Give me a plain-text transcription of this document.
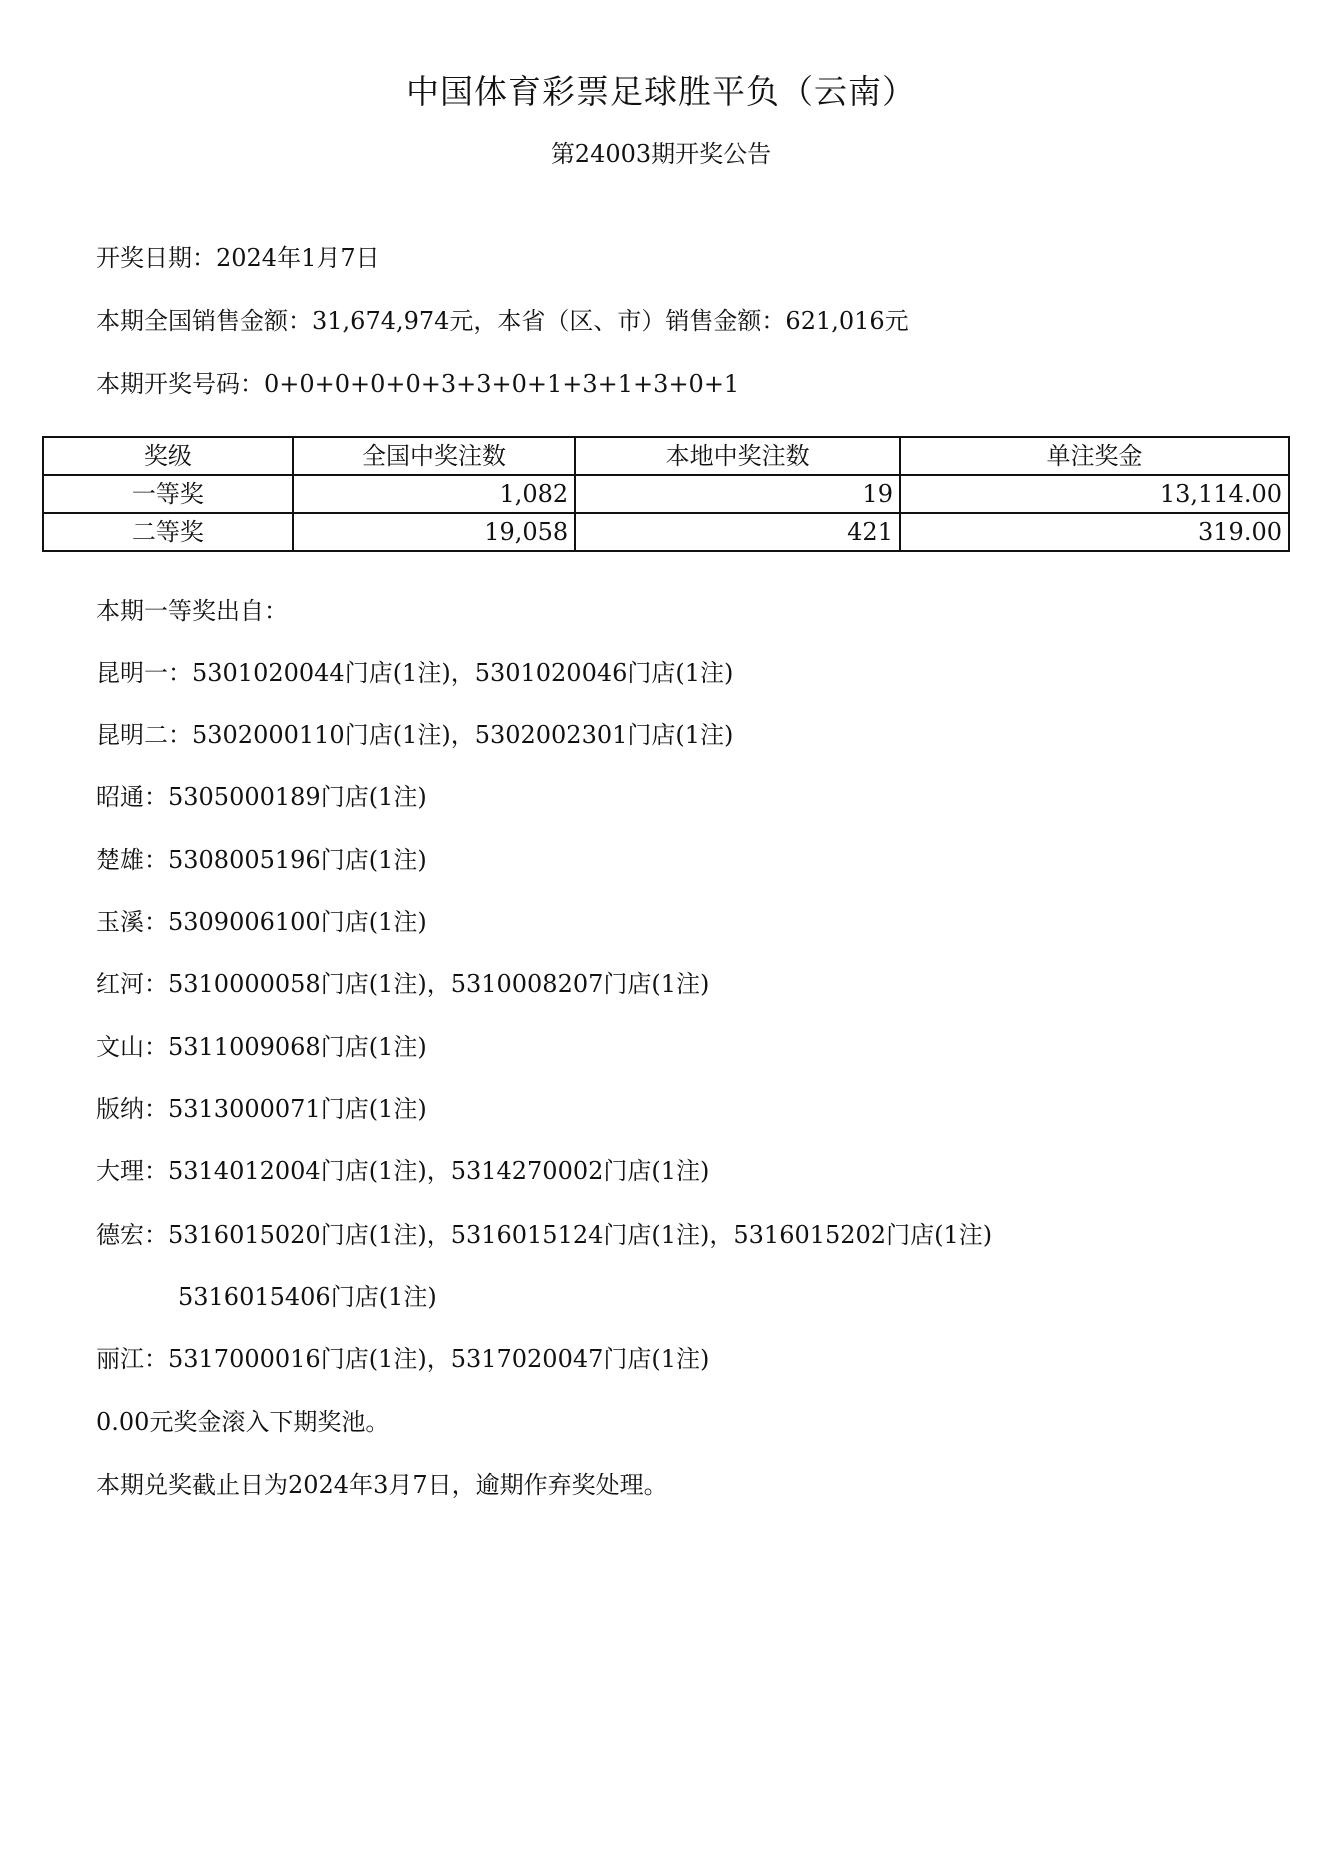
中国体育彩票足球胜平负（云南）
第24003期开奖公告
开奖日期：2024年1月7日
本期全国销售金额：31,674,974元，本省（区、市）销售金额：621,016元
本期开奖号码：0+0+0+0+0+3+3+0+1+3+1+3+0+1
奖级	全国中奖注数	本地中奖注数	单注奖金
一等奖	1,082	19	13,114.00
二等奖	19,058	421	319.00
本期一等奖出自：
昆明一：5301020044门店(1注)，5301020046门店(1注)
昆明二：5302000110门店(1注)，5302002301门店(1注)
昭通：5305000189门店(1注)
楚雄：5308005196门店(1注)
玉溪：5309006100门店(1注)
红河：5310000058门店(1注)，5310008207门店(1注)
文山：5311009068门店(1注)
版纳：5313000071门店(1注)
大理：5314012004门店(1注)，5314270002门店(1注)
德宏：5316015020门店(1注)，5316015124门店(1注)，5316015202门店(1注)
5316015406门店(1注)
丽江：5317000016门店(1注)，5317020047门店(1注)
0.00元奖金滚入下期奖池。
本期兑奖截止日为2024年3月7日，逾期作弃奖处理。
